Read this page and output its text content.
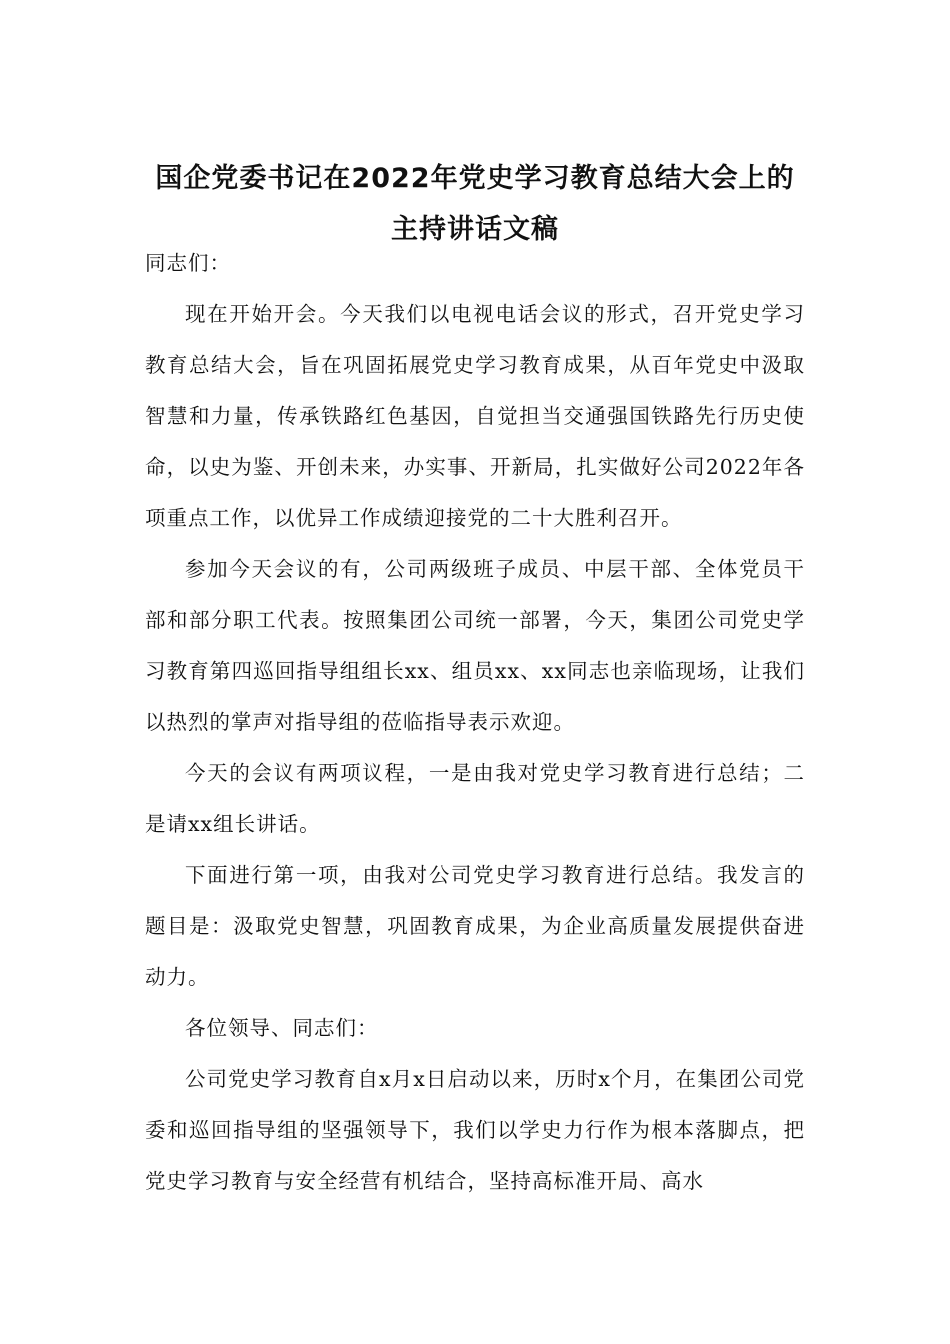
国企党委书记在2022年党史学习教育总结大会上的
主持讲话文稿

同志们：

现在开始开会。今天我们以电视电话会议的形式，召开党史学习教育总结大会，旨在巩固拓展党史学习教育成果，从百年党史中汲取智慧和力量，传承铁路红色基因，自觉担当交通强国铁路先行历史使命，以史为鉴、开创未来，办实事、开新局，扎实做好公司2022年各项重点工作，以优异工作成绩迎接党的二十大胜利召开。

参加今天会议的有，公司两级班子成员、中层干部、全体党员干部和部分职工代表。按照集团公司统一部署，今天，集团公司党史学习教育第四巡回指导组组长xx、组员xx、xx同志也亲临现场，让我们以热烈的掌声对指导组的莅临指导表示欢迎。

今天的会议有两项议程，一是由我对党史学习教育进行总结；二是请xx组长讲话。

下面进行第一项，由我对公司党史学习教育进行总结。我发言的题目是：汲取党史智慧，巩固教育成果，为企业高质量发展提供奋进动力。

各位领导、同志们：

公司党史学习教育自x月x日启动以来，历时x个月，在集团公司党委和巡回指导组的坚强领导下，我们以学史力行作为根本落脚点，把党史学习教育与安全经营有机结合，坚持高标准开局、高水
